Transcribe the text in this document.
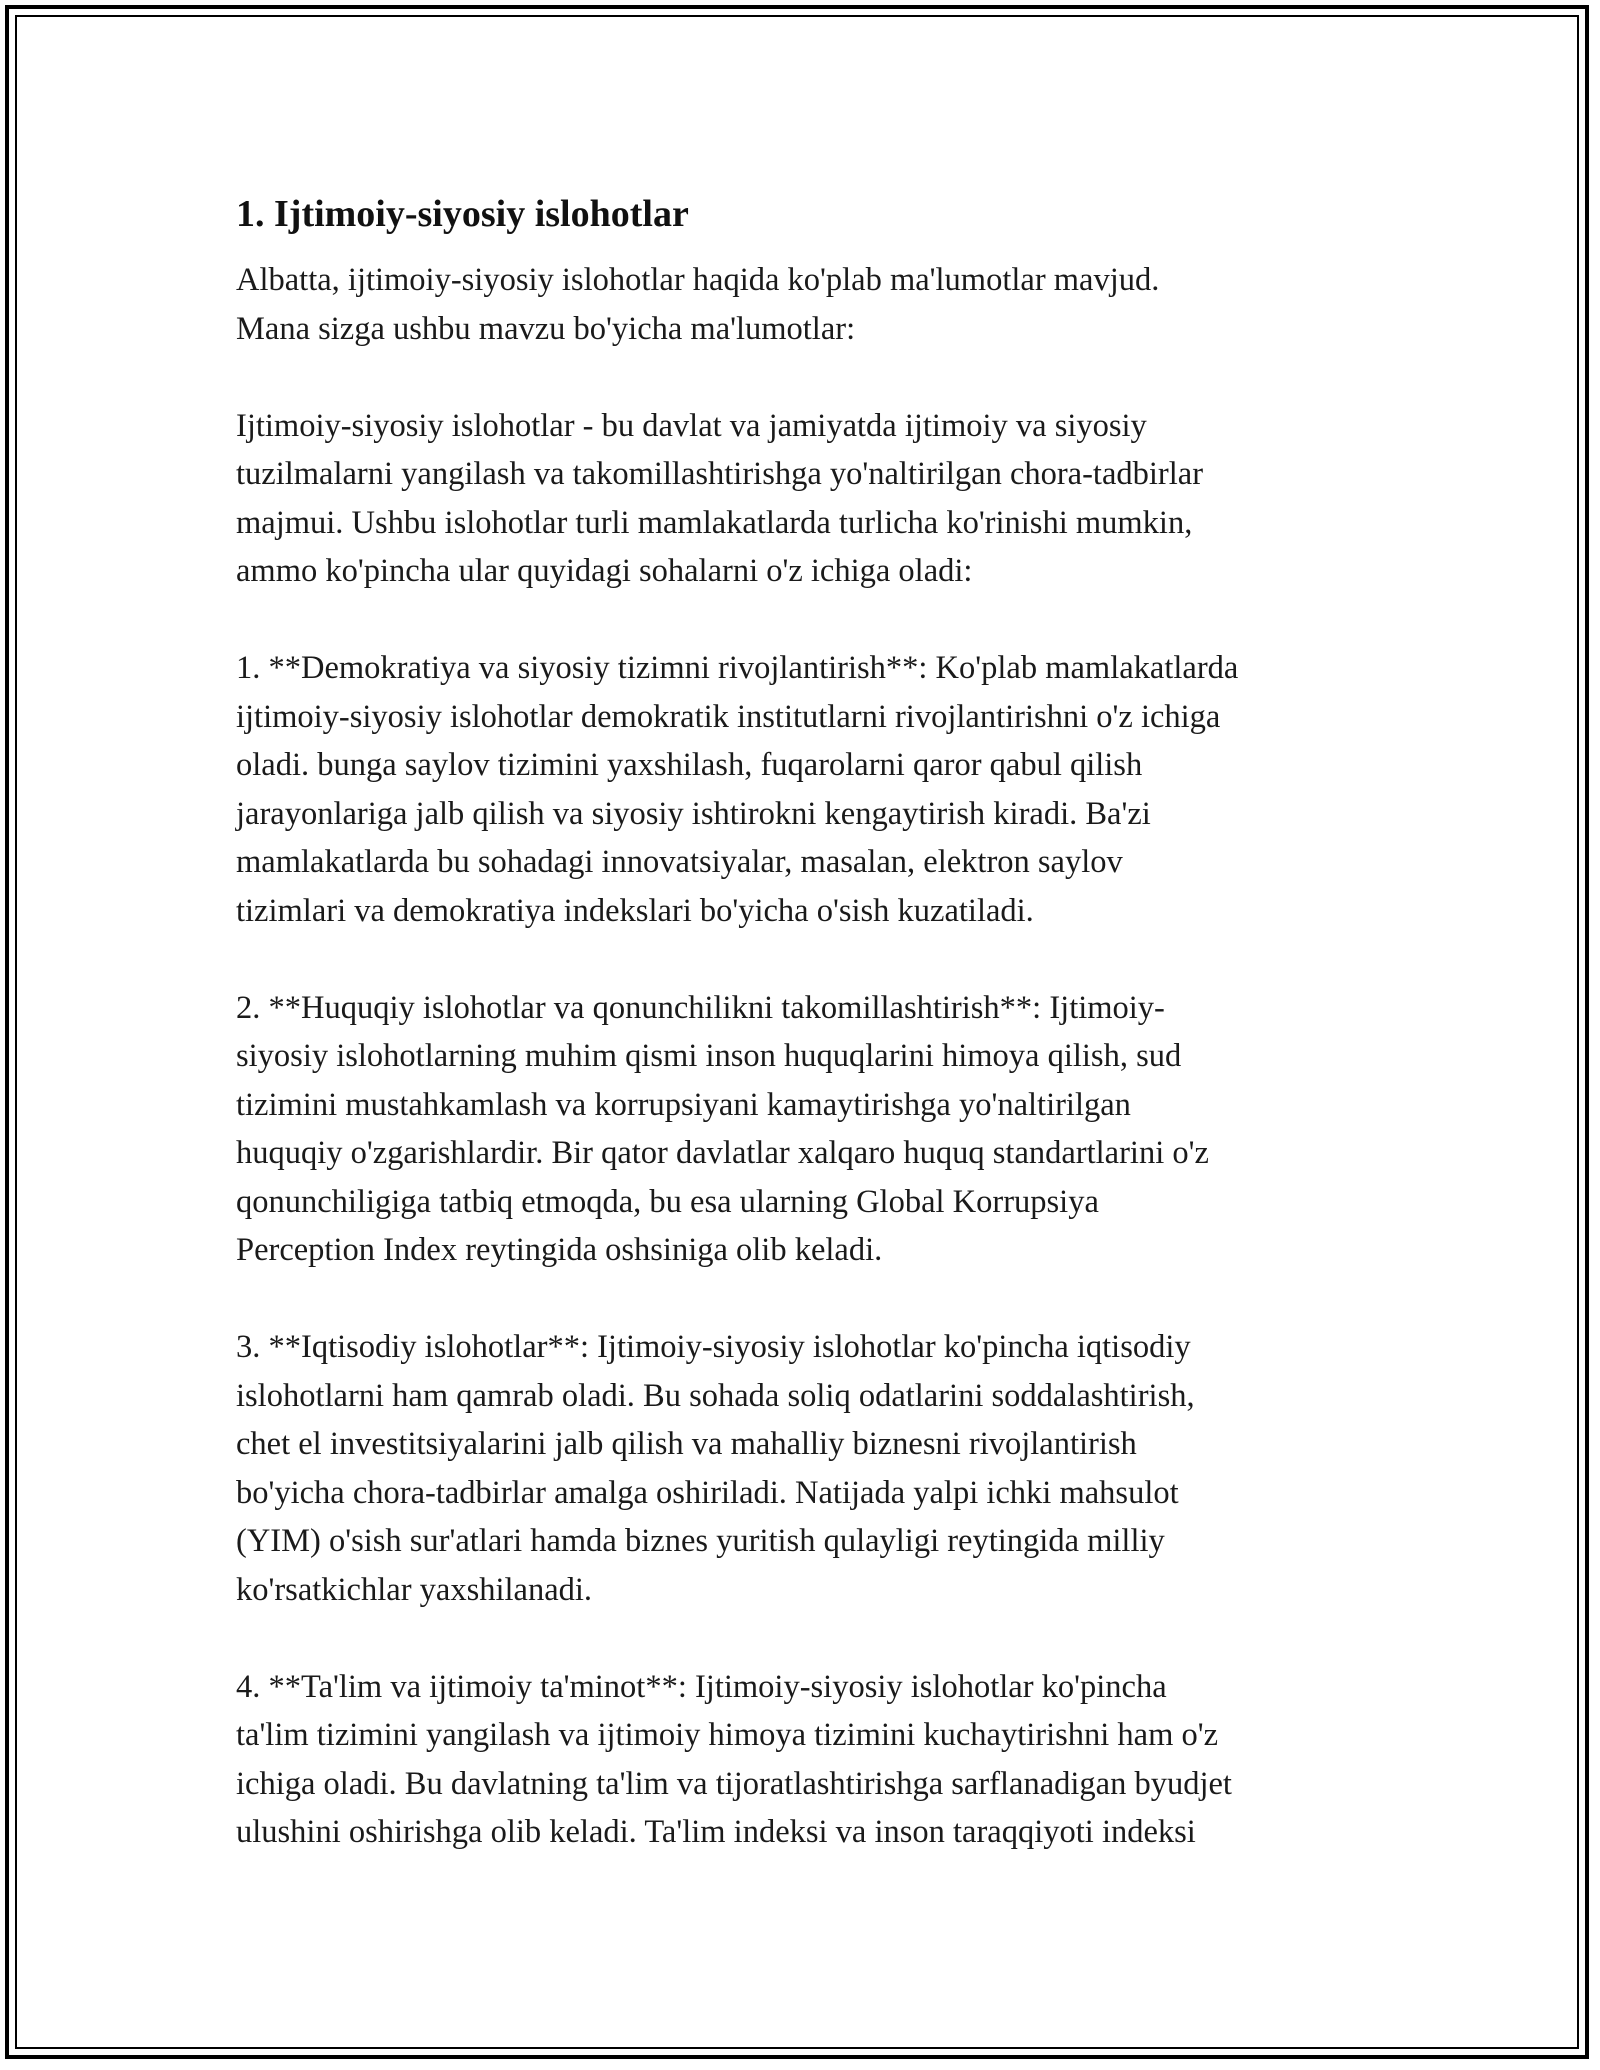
1. Ijtimoiy-siyosiy islohotlar

Albatta, ijtimoiy-siyosiy islohotlar haqida ko'plab ma'lumotlar mavjud.
Mana sizga ushbu mavzu bo'yicha ma'lumotlar:

Ijtimoiy-siyosiy islohotlar - bu davlat va jamiyatda ijtimoiy va siyosiy
tuzilmalarni yangilash va takomillashtirishga yo'naltirilgan chora-tadbirlar
majmui. Ushbu islohotlar turli mamlakatlarda turlicha ko'rinishi mumkin,
ammo ko'pincha ular quyidagi sohalarni o'z ichiga oladi:

1. **Demokratiya va siyosiy tizimni rivojlantirish**: Ko'plab mamlakatlarda
ijtimoiy-siyosiy islohotlar demokratik institutlarni rivojlantirishni o'z ichiga
oladi. bunga saylov tizimini yaxshilash, fuqarolarni qaror qabul qilish
jarayonlariga jalb qilish va siyosiy ishtirokni kengaytirish kiradi. Ba'zi
mamlakatlarda bu sohadagi innovatsiyalar, masalan, elektron saylov
tizimlari va demokratiya indekslari bo'yicha o'sish kuzatiladi.

2. **Huquqiy islohotlar va qonunchilikni takomillashtirish**: Ijtimoiy-
siyosiy islohotlarning muhim qismi inson huquqlarini himoya qilish, sud
tizimini mustahkamlash va korrupsiyani kamaytirishga yo'naltirilgan
huquqiy o'zgarishlardir. Bir qator davlatlar xalqaro huquq standartlarini o'z
qonunchiligiga tatbiq etmoqda, bu esa ularning Global Korrupsiya
Perception Index reytingida oshsiniga olib keladi.

3. **Iqtisodiy islohotlar**: Ijtimoiy-siyosiy islohotlar ko'pincha iqtisodiy
islohotlarni ham qamrab oladi. Bu sohada soliq odatlarini soddalashtirish,
chet el investitsiyalarini jalb qilish va mahalliy biznesni rivojlantirish
bo'yicha chora-tadbirlar amalga oshiriladi. Natijada yalpi ichki mahsulot
(YIM) o'sish sur'atlari hamda biznes yuritish qulayligi reytingida milliy
ko'rsatkichlar yaxshilanadi.

4. **Ta'lim va ijtimoiy ta'minot**: Ijtimoiy-siyosiy islohotlar ko'pincha
ta'lim tizimini yangilash va ijtimoiy himoya tizimini kuchaytirishni ham o'z
ichiga oladi. Bu davlatning ta'lim va tijoratlashtirishga sarflanadigan byudjet
ulushini oshirishga olib keladi. Ta'lim indeksi va inson taraqqiyoti indeksi
